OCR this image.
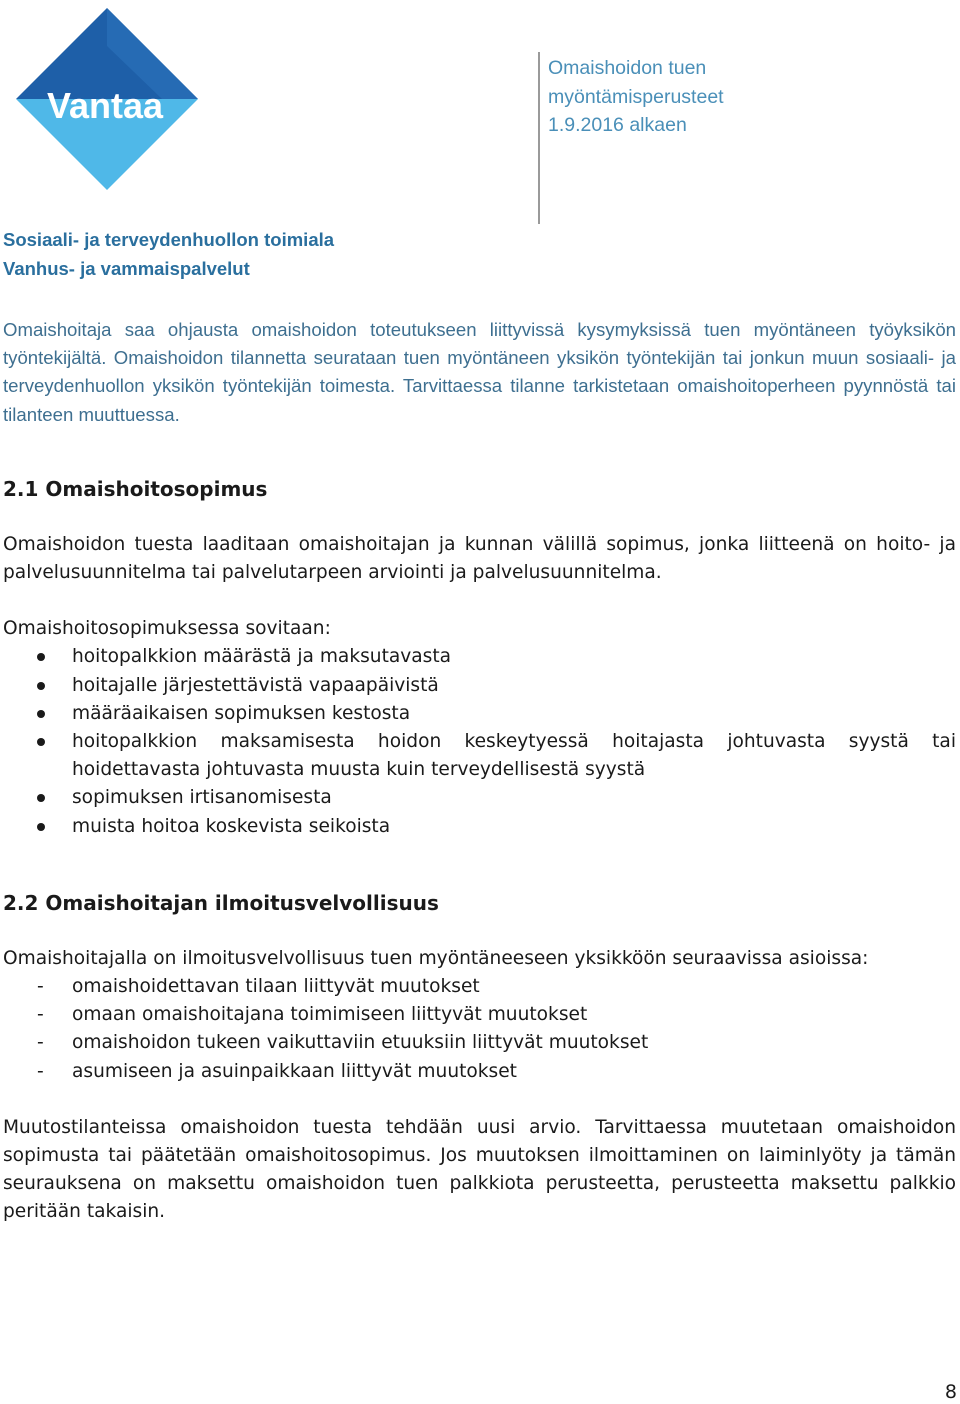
Vantaa
Omaishoidon tuen
myöntämisperusteet
1.9.2016 alkaen
Sosiaali- ja terveydenhuollon toimiala
Vanhus- ja vammaispalvelut

Omaishoitaja saa ohjausta omaishoidon toteutukseen liittyvissä kysymyksissä tuen myöntäneen työyksikön työntekijältä. Omaishoidon tilannetta seurataan tuen myöntäneen yksikön työntekijän tai jonkun muun sosiaali- ja terveydenhuollon yksikön työntekijän toimesta. Tarvittaessa tilanne tarkistetaan omaishoitoperheen pyynnöstä tai tilanteen muuttuessa.

2.1 Omaishoitosopimus

Omaishoidon tuesta laaditaan omaishoitajan ja kunnan välillä sopimus, jonka liitteenä on hoito- ja palvelusuunnitelma tai palvelutarpeen arviointi ja palvelusuunnitelma.

Omaishoitosopimuksessa sovitaan:

hoitopalkkion määrästä ja maksutavasta
hoitajalle järjestettävistä vapaapäivistä
määräaikaisen sopimuksen kestosta
hoitopalkkion maksamisesta hoidon keskeytyessä hoitajasta johtuvasta syystä tai hoidettavasta johtuvasta muusta kuin terveydellisestä syystä
sopimuksen irtisanomisesta
muista hoitoa koskevista seikoista
2.2 Omaishoitajan ilmoitusvelvollisuus

Omaishoitajalla on ilmoitusvelvollisuus tuen myöntäneeseen yksikköön seuraavissa asioissa:

- omaishoidettavan tilaan liittyvät muutokset
- omaan omaishoitajana toimimiseen liittyvät muutokset
- omaishoidon tukeen vaikuttaviin etuuksiin liittyvät muutokset
- asumiseen ja asuinpaikkaan liittyvät muutokset

Muutostilanteissa omaishoidon tuesta tehdään uusi arvio. Tarvittaessa muutetaan omaishoidon sopimusta tai päätetään omaishoitosopimus. Jos muutoksen ilmoittaminen on laiminlyöty ja tämän seurauksena on maksettu omaishoidon tuen palkkiota perusteetta, perusteetta maksettu palkkio peritään takaisin.

8
